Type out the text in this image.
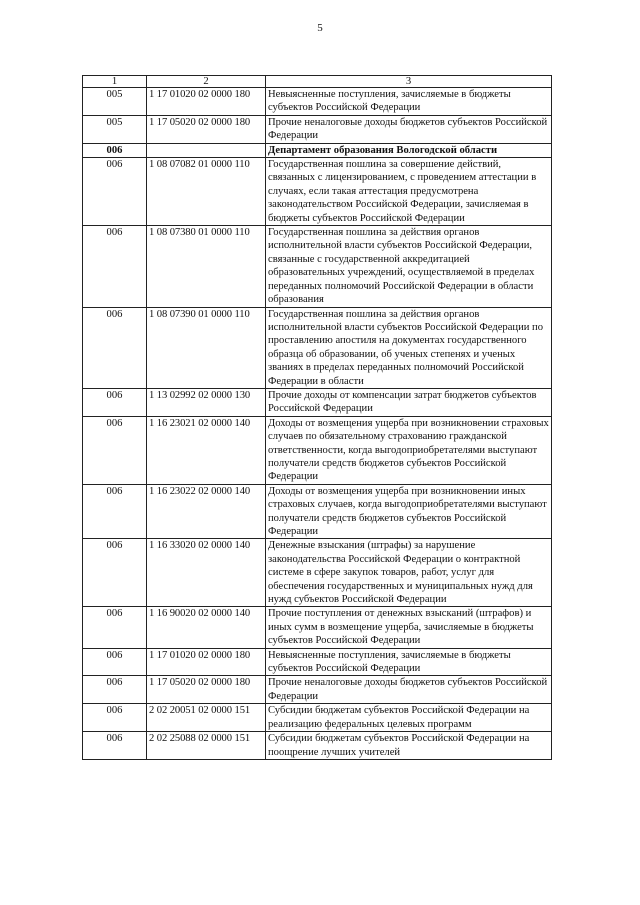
5
1	2	3
005	1 17 01020 02 0000 180	Невыясненные поступления, зачисляемые в бюджеты субъектов Российской Федерации
005	1 17 05020 02 0000 180	Прочие неналоговые доходы бюджетов субъектов Российской Федерации
006		Департамент образования Вологодской области
006	1 08 07082 01 0000 110	Государственная пошлина за совершение действий, связанных с лицензированием, с проведением аттестации в случаях, если такая аттестация предусмотрена законодательством Российской Федерации, зачисляемая в бюджеты субъектов Российской Федерации
006	1 08 07380 01 0000 110	Государственная пошлина за действия органов исполнительной власти субъектов Российской Федерации, связанные с государственной аккредитацией образовательных учреждений, осуществляемой в пределах переданных полномочий Российской Федерации в области образования
006	1 08 07390 01 0000 110	Государственная пошлина за действия органов исполнительной власти субъектов Российской Федерации по проставлению апостиля на документах государственного образца об образовании, об ученых степенях и ученых званиях в пределах переданных полномочий Российской Федерации в области
006	1 13 02992 02 0000 130	Прочие доходы от компенсации затрат бюджетов субъектов Российской Федерации
006	1 16 23021 02 0000 140	Доходы от возмещения ущерба при возникновении страховых случаев по обязательному страхованию гражданской ответственности, когда выгодоприобретателями выступают получатели средств бюджетов субъектов Российской Федерации
006	1 16 23022 02 0000 140	Доходы от возмещения ущерба при возникновении иных страховых случаев, когда выгодоприобретателями выступают получатели средств бюджетов субъектов Российской Федерации
006	1 16 33020 02 0000 140	Денежные взыскания (штрафы) за нарушение законодательства Российской Федерации о контрактной системе в сфере закупок товаров, работ, услуг для обеспечения государственных и муниципальных нужд для нужд субъектов Российской Федерации
006	1 16 90020 02 0000 140	Прочие поступления от денежных взысканий (штрафов) и иных сумм в возмещение ущерба, зачисляемые в бюджеты субъектов Российской Федерации
006	1 17 01020 02 0000 180	Невыясненные поступления, зачисляемые в бюджеты субъектов Российской Федерации
006	1 17 05020 02 0000 180	Прочие неналоговые доходы бюджетов субъектов Российской Федерации
006	2 02 20051 02 0000 151	Субсидии бюджетам субъектов Российской Федерации на реализацию федеральных целевых программ
006	2 02 25088 02 0000 151	Субсидии бюджетам субъектов Российской Федерации на поощрение лучших учителей
